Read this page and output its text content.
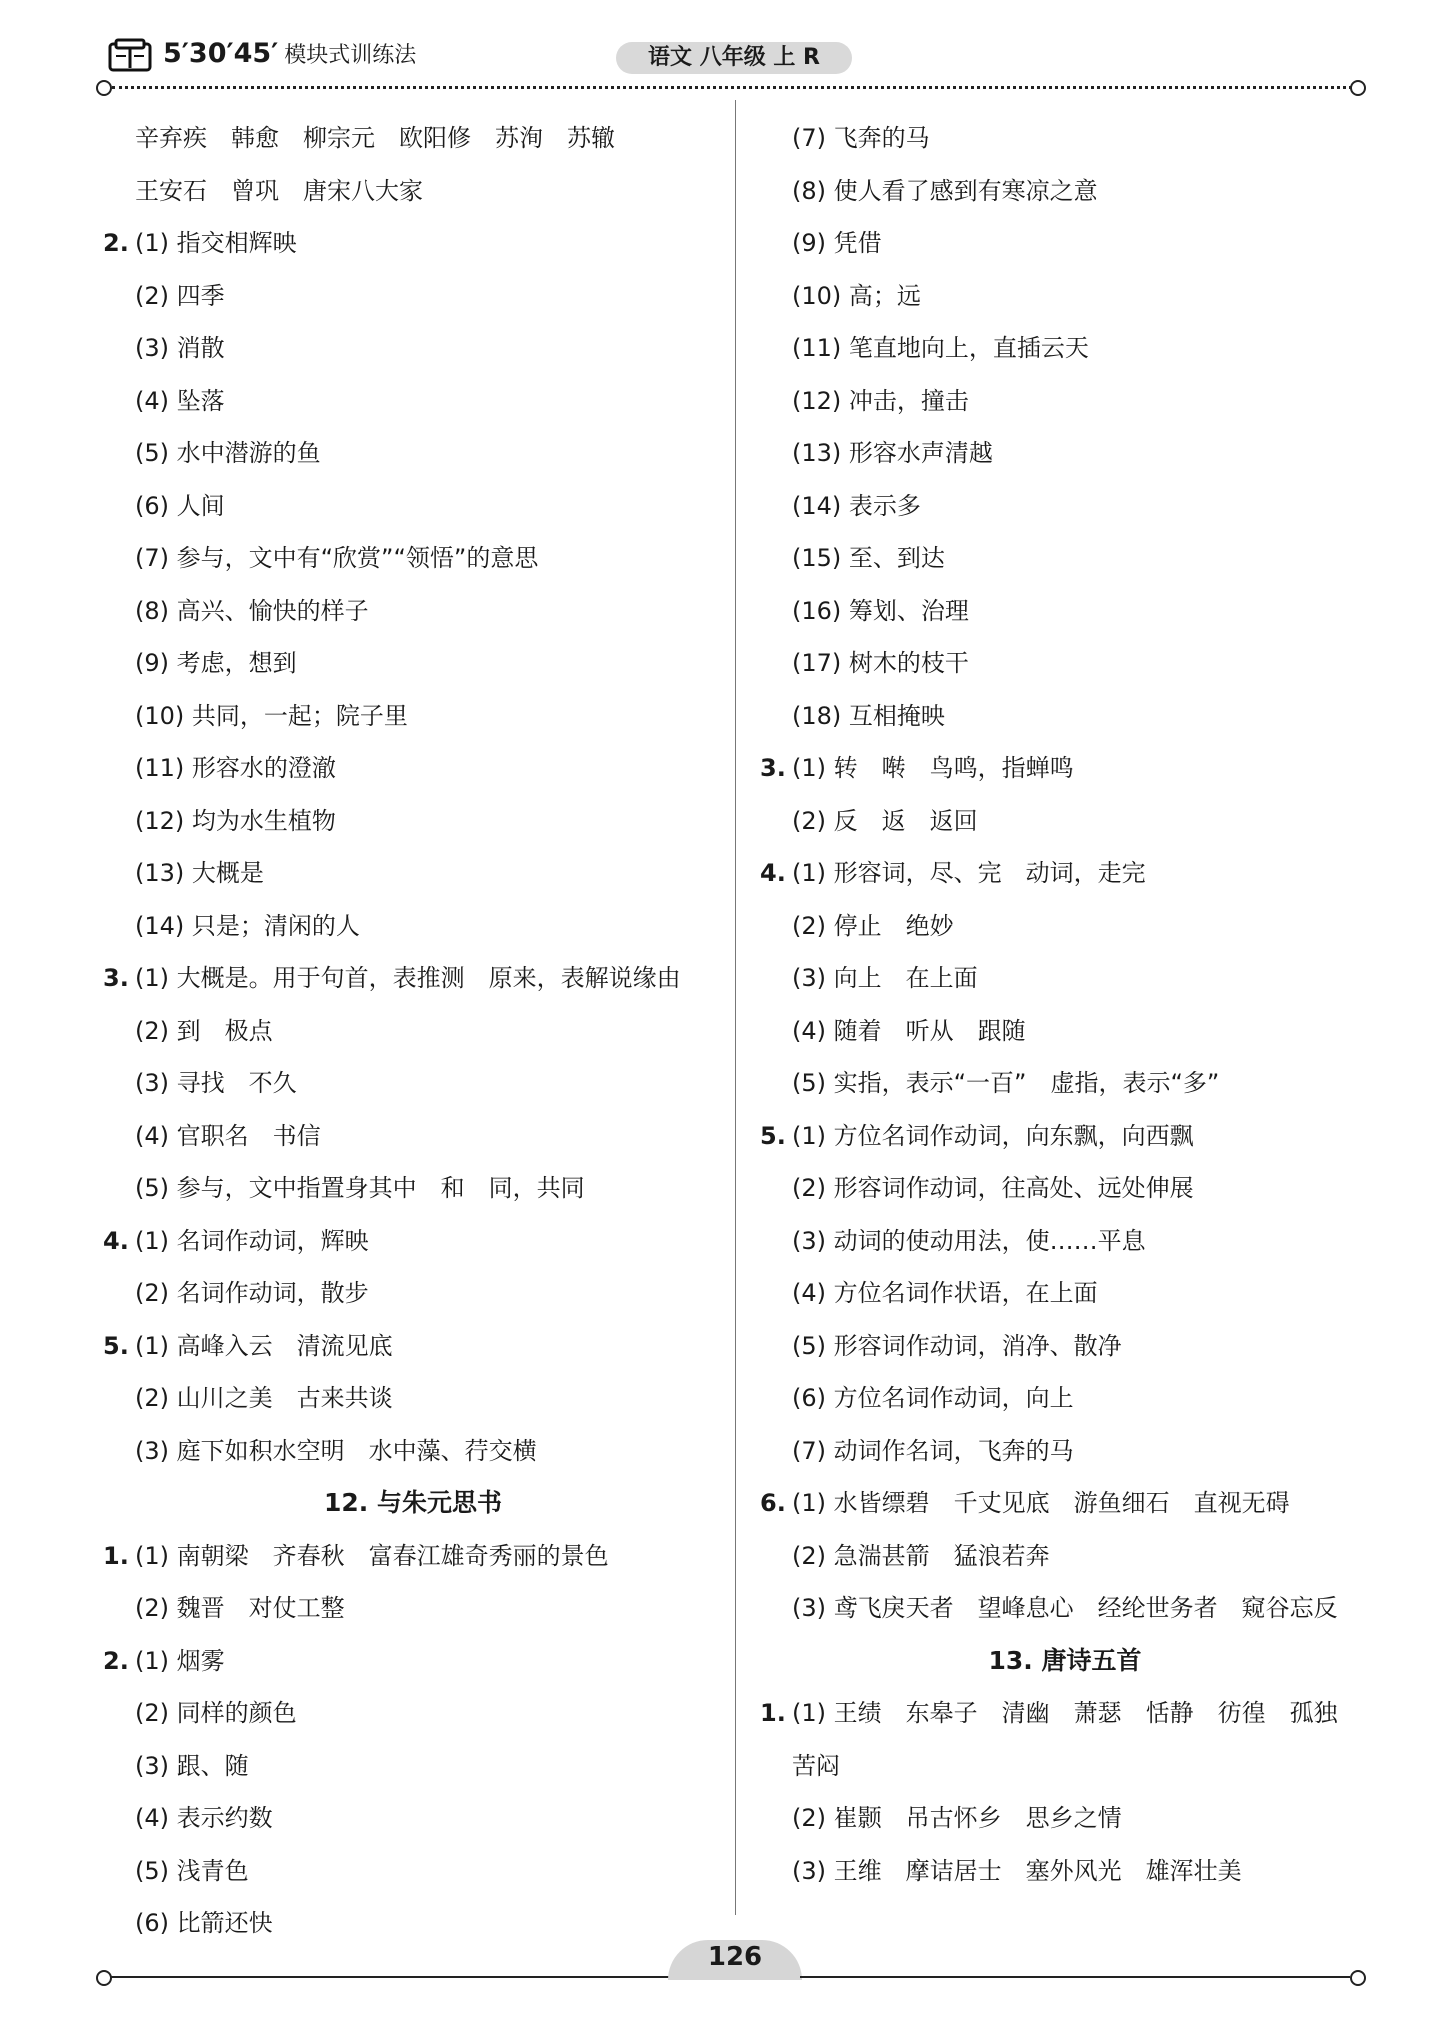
5′30′45′ 模块式训练法	语文 八年级 上 R
辛弃疾　韩愈　柳宗元　欧阳修　苏洵　苏辙
王安石　曾巩　唐宋八大家
2. (1) 指交相辉映
(2) 四季
(3) 消散
(4) 坠落
(5) 水中潜游的鱼
(6) 人间
(7) 参与，文中有“欣赏”“领悟”的意思
(8) 高兴、愉快的样子
(9) 考虑，想到
(10) 共同，一起；院子里
(11) 形容水的澄澈
(12) 均为水生植物
(13) 大概是
(14) 只是；清闲的人
3. (1) 大概是。用于句首，表推测　原来，表解说缘由
(2) 到　极点
(3) 寻找　不久
(4) 官职名　书信
(5) 参与，文中指置身其中　和　同，共同
4. (1) 名词作动词，辉映
(2) 名词作动词，散步
5. (1) 高峰入云　清流见底
(2) 山川之美　古来共谈
(3) 庭下如积水空明　水中藻、荇交横
12. 与朱元思书
1. (1) 南朝梁　齐春秋　富春江雄奇秀丽的景色
(2) 魏晋　对仗工整
2. (1) 烟雾
(2) 同样的颜色
(3) 跟、随
(4) 表示约数
(5) 浅青色
(6) 比箭还快
(7) 飞奔的马
(8) 使人看了感到有寒凉之意
(9) 凭借
(10) 高；远
(11) 笔直地向上，直插云天
(12) 冲击，撞击
(13) 形容水声清越
(14) 表示多
(15) 至、到达
(16) 筹划、治理
(17) 树木的枝干
(18) 互相掩映
3. (1) 转　啭　鸟鸣，指蝉鸣
(2) 反　返　返回
4. (1) 形容词，尽、完　动词，走完
(2) 停止　绝妙
(3) 向上　在上面
(4) 随着　听从　跟随
(5) 实指，表示“一百”　虚指，表示“多”
5. (1) 方位名词作动词，向东飘，向西飘
(2) 形容词作动词，往高处、远处伸展
(3) 动词的使动用法，使……平息
(4) 方位名词作状语，在上面
(5) 形容词作动词，消净、散净
(6) 方位名词作动词，向上
(7) 动词作名词，飞奔的马
6. (1) 水皆缥碧　千丈见底　游鱼细石　直视无碍
(2) 急湍甚箭　猛浪若奔
(3) 鸢飞戾天者　望峰息心　经纶世务者　窥谷忘反
13. 唐诗五首
1. (1) 王绩　东皋子　清幽　萧瑟　恬静　彷徨　孤独
苦闷
(2) 崔颢　吊古怀乡　思乡之情
(3) 王维　摩诘居士　塞外风光　雄浑壮美
126
